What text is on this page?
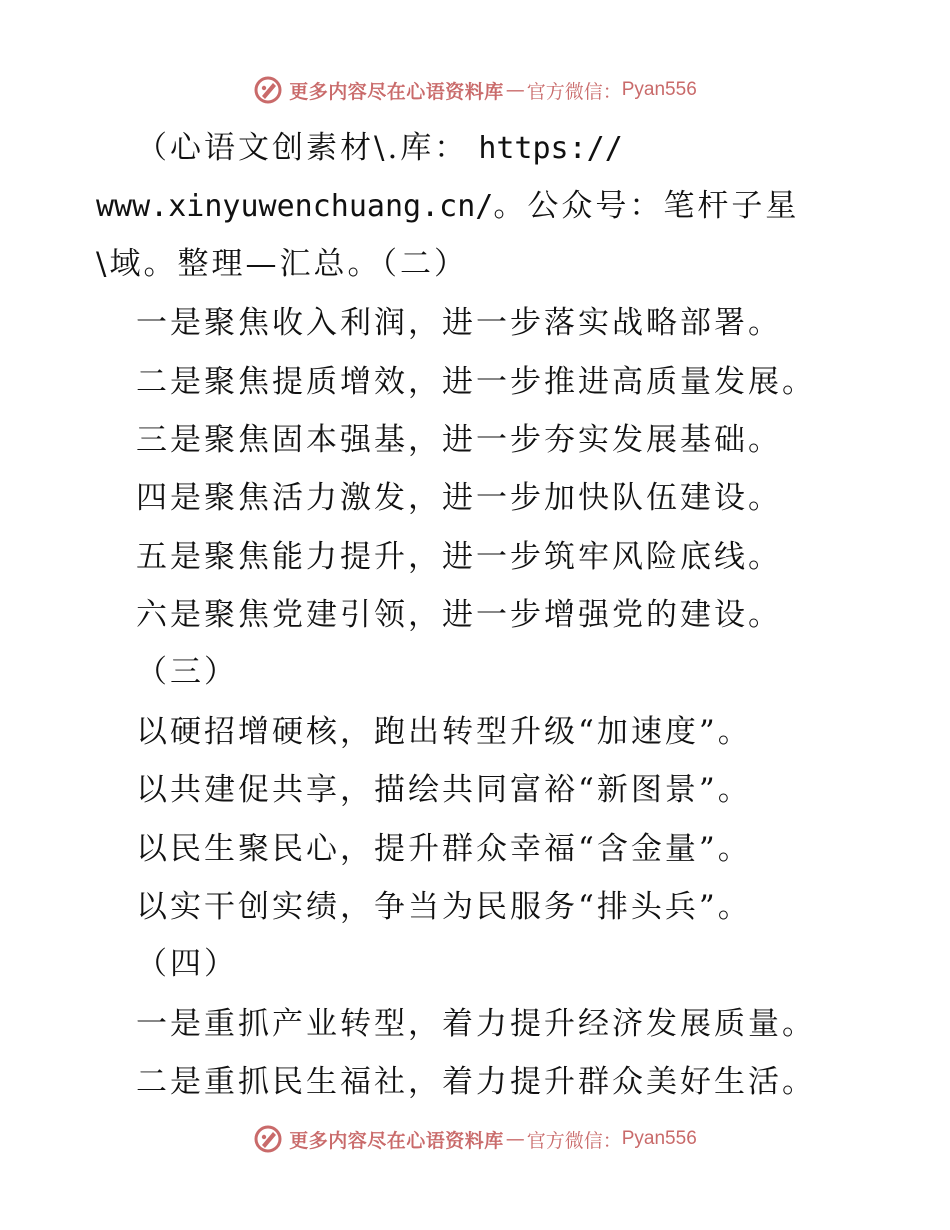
更多内容尽在心语资料库 — 官方微信： Pyan556
（心语文创素材\.库： https://
www.xinyuwenchuang.cn/。公众号：笔杆子星
\域。整理—汇总。（二）
一是聚焦收入利润，进一步落实战略部署。
二是聚焦提质增效，进一步推进高质量发展。
三是聚焦固本强基，进一步夯实发展基础。
四是聚焦活力激发，进一步加快队伍建设。
五是聚焦能力提升，进一步筑牢风险底线。
六是聚焦党建引领，进一步增强党的建设。
（三）
以硬招增硬核，跑出转型升级“加速度”。
以共建促共享，描绘共同富裕“新图景”。
以民生聚民心，提升群众幸福“含金量”。
以实干创实绩，争当为民服务“排头兵”。
（四）
一是重抓产业转型，着力提升经济发展质量。
二是重抓民生福社，着力提升群众美好生活。
更多内容尽在心语资料库 — 官方微信： Pyan556
